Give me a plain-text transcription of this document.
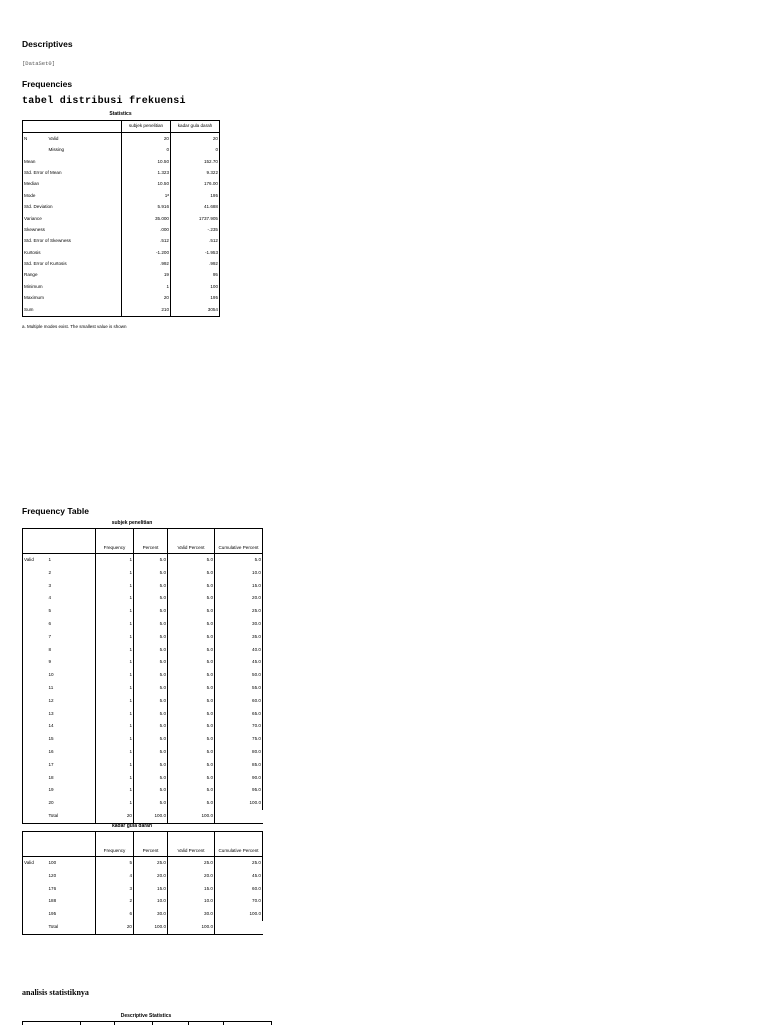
Descriptives
[DataSet0]
Frequencies
tabel distribusi frekuensi
Statistics
		subjek penelitian	kadar gula darah
N	Valid	20	20
	Missing	0	0
Mean		10.50	152.70
Std. Error of Mean		1.323	9.322
Median		10.50	176.00
Mode		1ᵃ	195
Std. Deviation		5.916	41.688
Variance		35.000	1737.905
Skewness		.000	-.235
Std. Error of Skewness		.512	.512
Kurtosis		-1.200	-1.953
Std. Error of Kurtosis		.992	.992
Range		19	95
Minimum		1	100
Maximum		20	195
Sum		210	3054
a. Multiple modes exist. The smallest value is shown
Frequency Table
subjek penelitian
		Frequency	Percent	Valid Percent	Cumulative Percent
Valid	1	1	5.0	5.0	5.0
	2	1	5.0	5.0	10.0
	3	1	5.0	5.0	15.0
	4	1	5.0	5.0	20.0
	5	1	5.0	5.0	25.0
	6	1	5.0	5.0	30.0
	7	1	5.0	5.0	35.0
	8	1	5.0	5.0	40.0
	9	1	5.0	5.0	45.0
	10	1	5.0	5.0	50.0
	11	1	5.0	5.0	55.0
	12	1	5.0	5.0	60.0
	13	1	5.0	5.0	65.0
	14	1	5.0	5.0	70.0
	15	1	5.0	5.0	75.0
	16	1	5.0	5.0	80.0
	17	1	5.0	5.0	85.0
	18	1	5.0	5.0	90.0
	19	1	5.0	5.0	95.0
	20	1	5.0	5.0	100.0
	Total	20	100.0	100.0	
kadar gula darah
		Frequency	Percent	Valid Percent	Cumulative Percent
Valid	100	5	25.0	25.0	25.0
	120	4	20.0	20.0	45.0
	176	3	15.0	15.0	60.0
	188	2	10.0	10.0	70.0
	195	6	30.0	30.0	100.0
	Total	20	100.0	100.0	
analisis statistiknya
Descriptive Statistics
